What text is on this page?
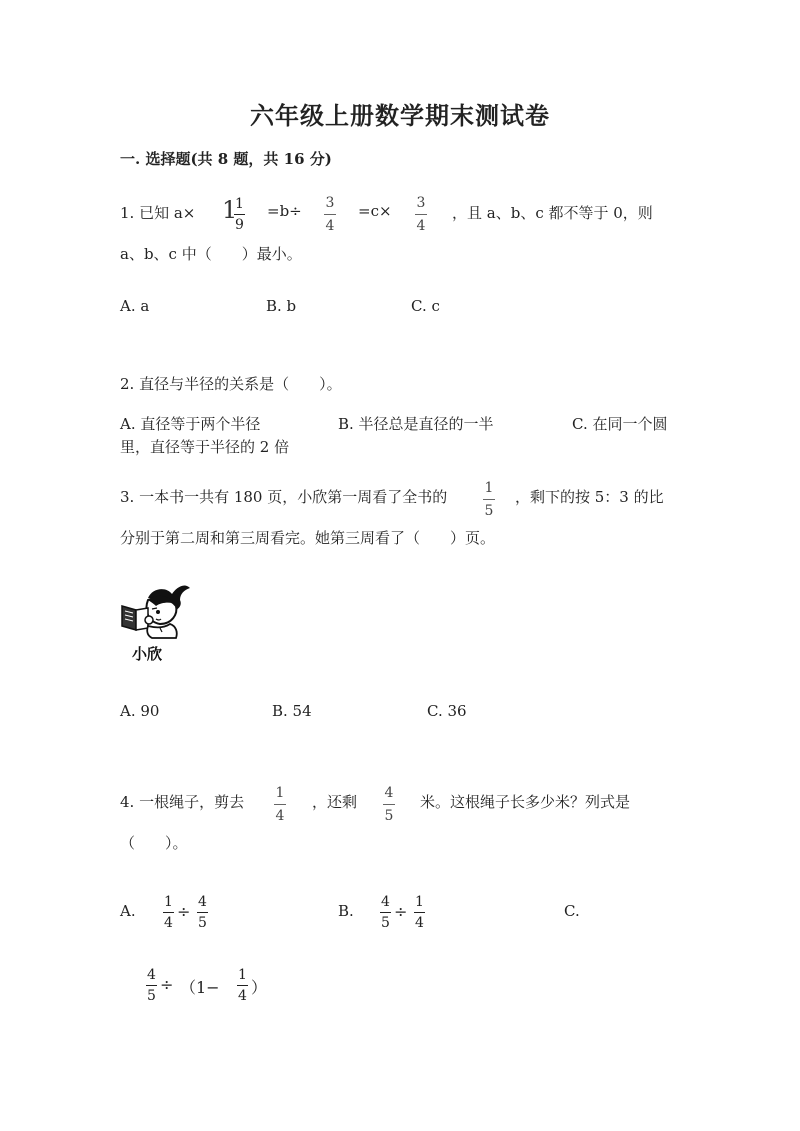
六年级上册数学期末测试卷
一. 选择题(共 8 题，共 16 分)
1. 已知 a× 1
1
9
=b÷ 3
4
=c× 3
4
，且 a、b、c 都不等于 0，则
a、b、c 中（　　）最小。
A. a	B. b	C. c
2. 直径与半径的关系是（　　）。
A. 直径等于两个半径	B. 半径总是直径的一半	C. 在同一个圆
里，直径等于半径的 2 倍
3. 一本书一共有 180 页，小欣第一周看了全书的	1
5
，剩下的按 5：3 的比
分别于第二周和第三周看完。她第三周看了（　　）页。
小欣
A. 90	B. 54	C. 36
4. 一根绳子，剪去 1
4
，还剩 4
5
米。这根绳子长多少米？列式是
（　　）。
A. 1
4
÷ 4
5
B. 4
5
÷ 1
4
C.
4
5
÷ （1−
1
4 ）
